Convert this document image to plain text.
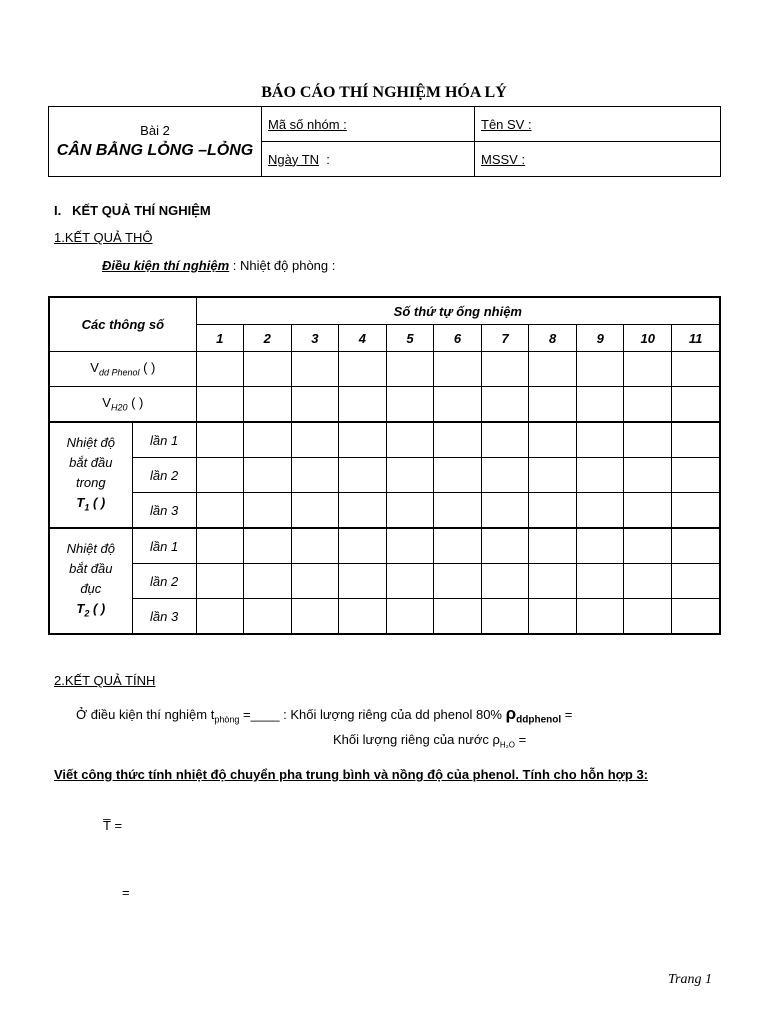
BÁO CÁO THÍ NGHIỆM HÓA LÝ
Bài 2
CÂN BẰNG LỎNG –LỎNG	Mã số nhóm :	Tên SV :
	Ngày TN :	MSSV :
I. KẾT QUẢ THÍ NGHIỆM
1.KẾT QUẢ THÔ
Điều kiện thí nghiệm : Nhiệt độ phòng :
Các thông số		Số thứ tự ống nhiệm										
		1	2	3	4	5	6	7	8	9	10	11
$V_{dd Phenol}$ ( )												
$V_{H20}$ ( )												

Nhiệt độ
bắt đầu
trong
$T_1$ ( )	lần 1											
	lần 2											
	lần 3											

Nhiệt độ
bắt đầu
đục
$T_2$ ( )	lần 1											
	lần 2											
	lần 3											
2.KẾT QUẢ TÍNH
Ở điều kiện thí nghiệm $t_{phòng}$ =____ : Khối lượng riêng của dd phenol 80% $\rho_{ddphenol}$ =
Khối lượng riêng của nước $\rho_{H_2O}$ =
Viết công thức tính nhiệt độ chuyển pha trung bình và nồng độ của phenol. Tính cho hỗn hợp 3:
T̅ =
=
Trang 1
